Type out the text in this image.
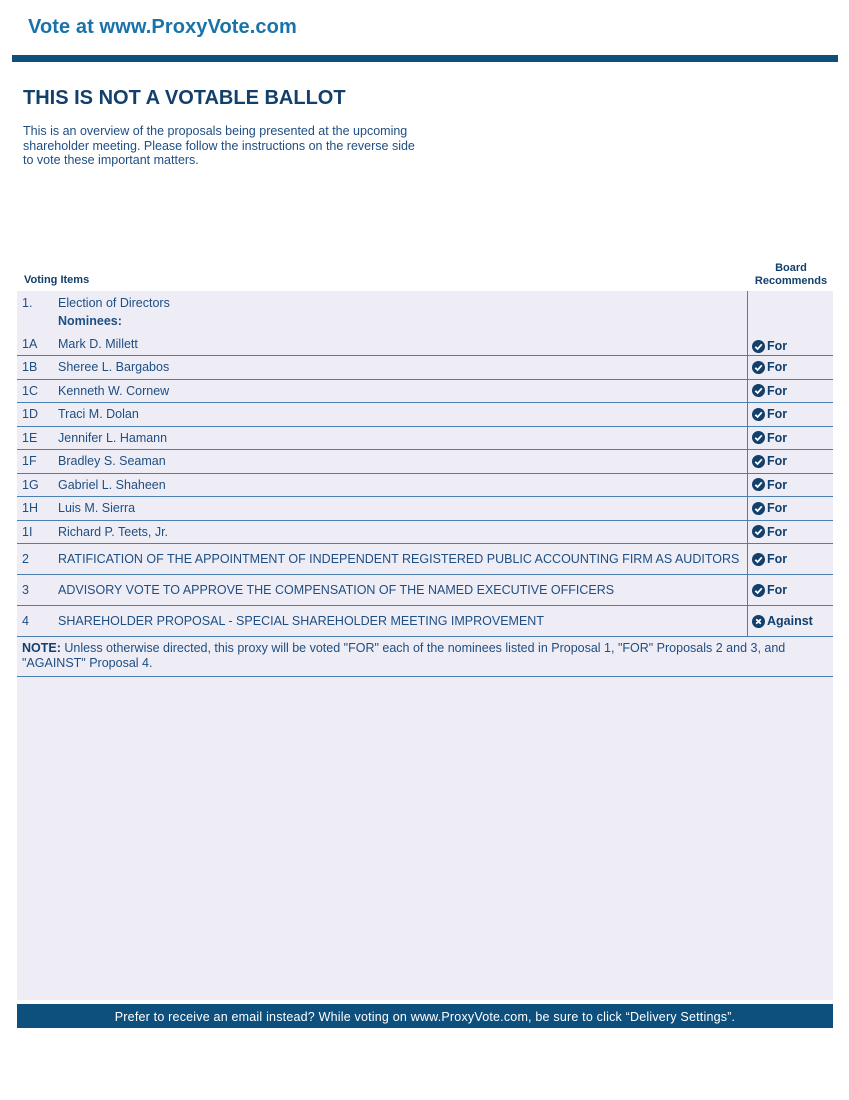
Vote at www.ProxyVote.com
THIS IS NOT A VOTABLE BALLOT
This is an overview of the proposals being presented at the upcoming shareholder meeting. Please follow the instructions on the reverse side to vote these important matters.
Voting Items
Board
Recommends
1. Election of Directors
Nominees:
1A Mark D. Millett	For
1B Sheree L. Bargabos	For
1C Kenneth W. Cornew	For
1D Traci M. Dolan	For
1E Jennifer L. Hamann	For
1F Bradley S. Seaman	For
1G Gabriel L. Shaheen	For
1H Luis M. Sierra	For
1I Richard P. Teets, Jr.	For
2 RATIFICATION OF THE APPOINTMENT OF INDEPENDENT REGISTERED PUBLIC ACCOUNTING FIRM AS AUDITORS For
3 ADVISORY VOTE TO APPROVE THE COMPENSATION OF THE NAMED EXECUTIVE OFFICERS	For
4 SHAREHOLDER PROPOSAL - SPECIAL SHAREHOLDER MEETING IMPROVEMENT	Against
NOTE: Unless otherwise directed, this proxy will be voted "FOR" each of the nominees listed in Proposal 1, "FOR" Proposals 2 and 3, and "AGAINST" Proposal 4.
Prefer to receive an email instead? While voting on www.ProxyVote.com, be sure to click “Delivery Settings”.
